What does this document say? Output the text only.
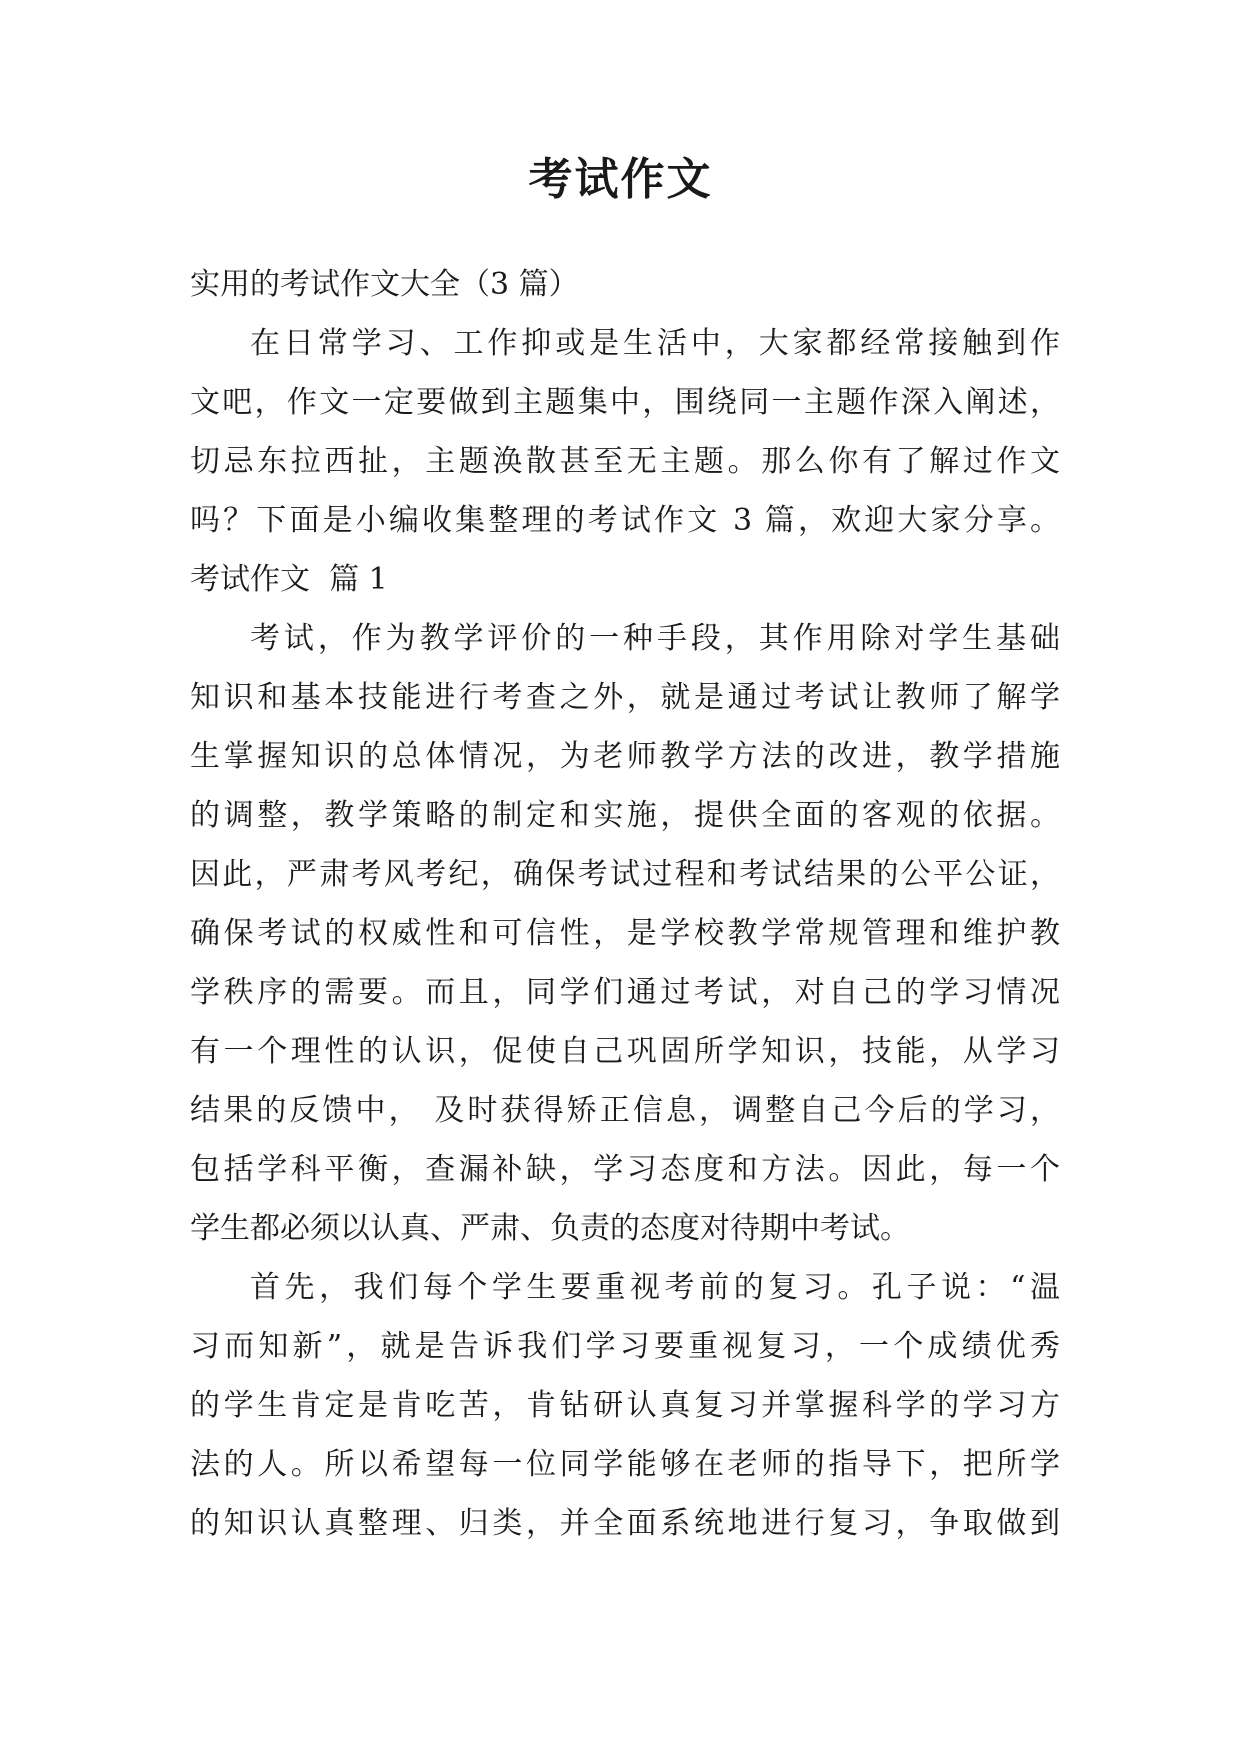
考试作文
实用的考试作文大全（3 篇）
在日常学习、工作抑或是生活中，大家都经常接触到作
文吧，作文一定要做到主题集中，围绕同一主题作深入阐述，
切忌东拉西扯，主题涣散甚至无主题。那么你有了解过作文
吗？下面是小编收集整理的考试作文 3 篇，欢迎大家分享。
考试作文  篇 1
考试，作为教学评价的一种手段，其作用除对学生基础
知识和基本技能进行考查之外，就是通过考试让教师了解学
生掌握知识的总体情况，为老师教学方法的改进，教学措施
的调整，教学策略的制定和实施，提供全面的客观的依据。
因此，严肃考风考纪，确保考试过程和考试结果的公平公证，
确保考试的权威性和可信性，是学校教学常规管理和维护教
学秩序的需要。而且，同学们通过考试，对自己的学习情况
有一个理性的认识，促使自己巩固所学知识，技能，从学习
结果的反馈中， 及时获得矫正信息，调整自己今后的学习，
包括学科平衡，查漏补缺，学习态度和方法。因此，每一个
学生都必须以认真、严肃、负责的态度对待期中考试。
首先，我们每个学生要重视考前的复习。孔子说：“温
习而知新”，就是告诉我们学习要重视复习，一个成绩优秀
的学生肯定是肯吃苦，肯钻研认真复习并掌握科学的学习方
法的人。所以希望每一位同学能够在老师的指导下，把所学
的知识认真整理、归类，并全面系统地进行复习，争取做到
